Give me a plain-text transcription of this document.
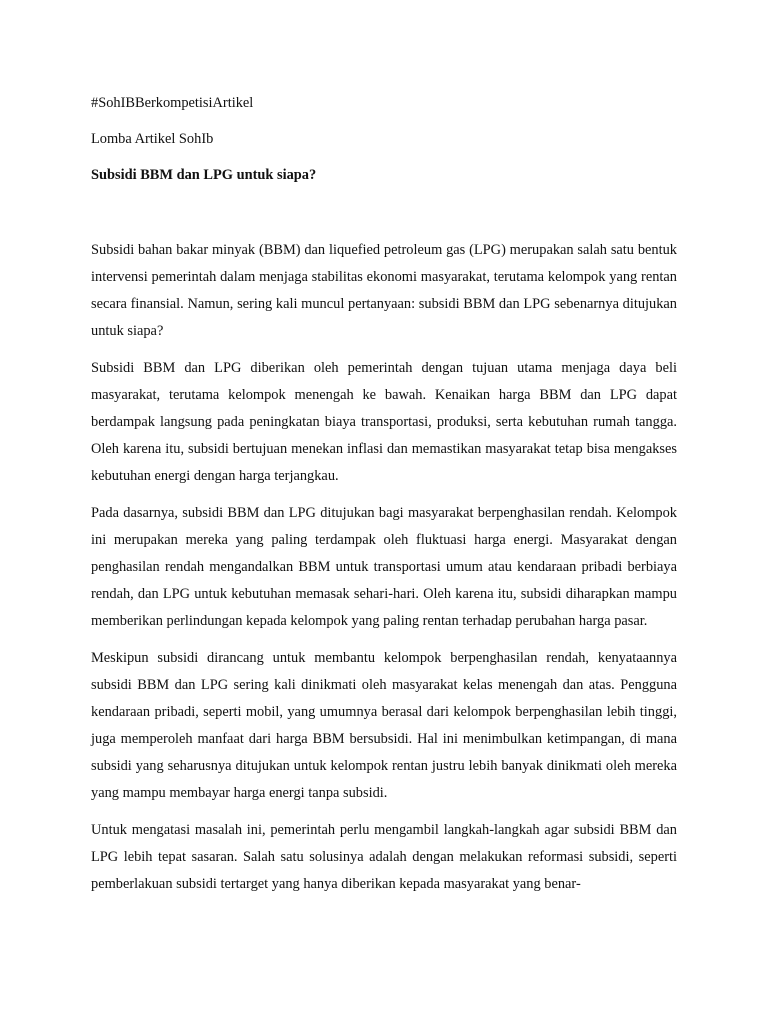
#SohIBBerkompetisiArtikel

Lomba Artikel SohIb

Subsidi BBM dan LPG untuk siapa?

Subsidi bahan bakar minyak (BBM) dan liquefied petroleum gas (LPG) merupakan salah satu bentuk intervensi pemerintah dalam menjaga stabilitas ekonomi masyarakat, terutama kelompok yang rentan secara finansial. Namun, sering kali muncul pertanyaan: subsidi BBM dan LPG sebenarnya ditujukan untuk siapa?

Subsidi BBM dan LPG diberikan oleh pemerintah dengan tujuan utama menjaga daya beli masyarakat, terutama kelompok menengah ke bawah. Kenaikan harga BBM dan LPG dapat berdampak langsung pada peningkatan biaya transportasi, produksi, serta kebutuhan rumah tangga. Oleh karena itu, subsidi bertujuan menekan inflasi dan memastikan masyarakat tetap bisa mengakses kebutuhan energi dengan harga terjangkau.

Pada dasarnya, subsidi BBM dan LPG ditujukan bagi masyarakat berpenghasilan rendah. Kelompok ini merupakan mereka yang paling terdampak oleh fluktuasi harga energi. Masyarakat dengan penghasilan rendah mengandalkan BBM untuk transportasi umum atau kendaraan pribadi berbiaya rendah, dan LPG untuk kebutuhan memasak sehari-hari. Oleh karena itu, subsidi diharapkan mampu memberikan perlindungan kepada kelompok yang paling rentan terhadap perubahan harga pasar.

Meskipun subsidi dirancang untuk membantu kelompok berpenghasilan rendah, kenyataannya subsidi BBM dan LPG sering kali dinikmati oleh masyarakat kelas menengah dan atas. Pengguna kendaraan pribadi, seperti mobil, yang umumnya berasal dari kelompok berpenghasilan lebih tinggi, juga memperoleh manfaat dari harga BBM bersubsidi. Hal ini menimbulkan ketimpangan, di mana subsidi yang seharusnya ditujukan untuk kelompok rentan justru lebih banyak dinikmati oleh mereka yang mampu membayar harga energi tanpa subsidi.

Untuk mengatasi masalah ini, pemerintah perlu mengambil langkah-langkah agar subsidi BBM dan LPG lebih tepat sasaran. Salah satu solusinya adalah dengan melakukan reformasi subsidi, seperti pemberlakuan subsidi tertarget yang hanya diberikan kepada masyarakat yang benar-
